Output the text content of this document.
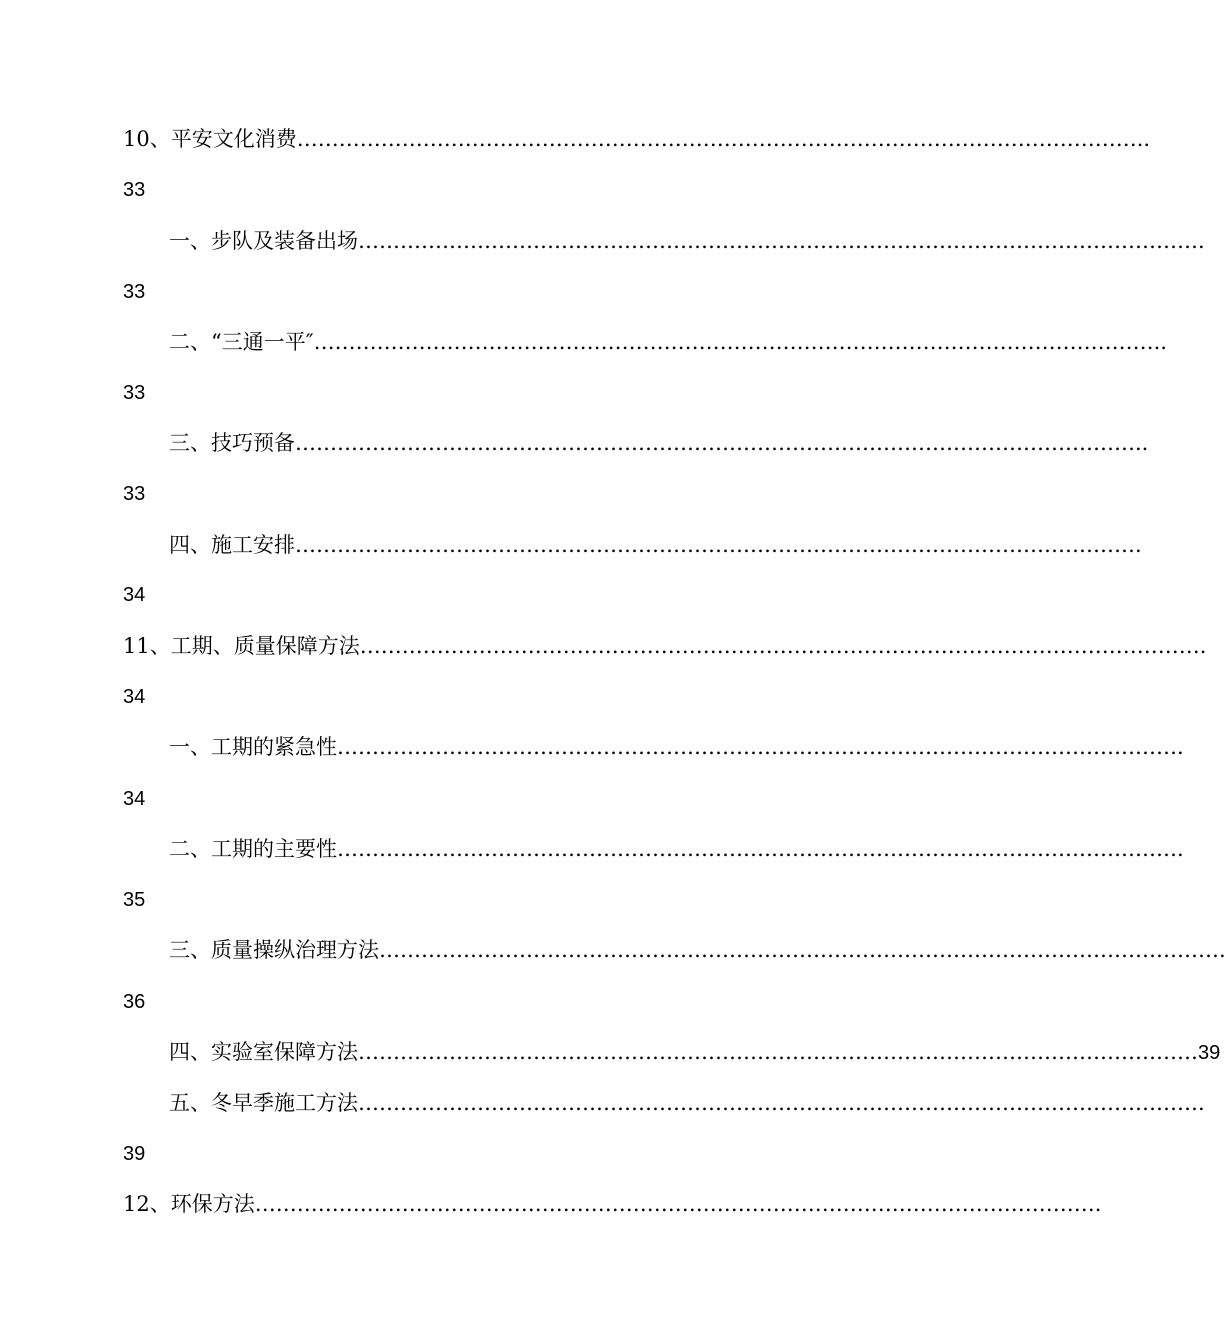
10、平安文化消费 ………………………………………………………………………………………………………… ..
33
一、步队及装备出场 ………………………………………………………………………………………………………… .
33
二、“三通一平″ ………………………………………………………………………………………………………… ..
33
三、技巧预备 ………………………………………………………………………………………………………… ..
33
四、施工安排 ………………………………………………………………………………………………………… .
34
11、工期、质量保障方法 ………………………………………………………………………………………………………… .
34
一、工期的紧急性 ………………………………………………………………………………………………………… .
34
二、工期的主要性 ………………………………………………………………………………………………………… .
35
三、质量操纵治理方法 ………………………………………………………………………………………………………… .
36
四、实验室保障方法 ………………………………………………………………………………………………………… 39
五、冬早季施工方法 ………………………………………………………………………………………………………… .
39
12、环保方法 ………………………………………………………………………………………………………… .
